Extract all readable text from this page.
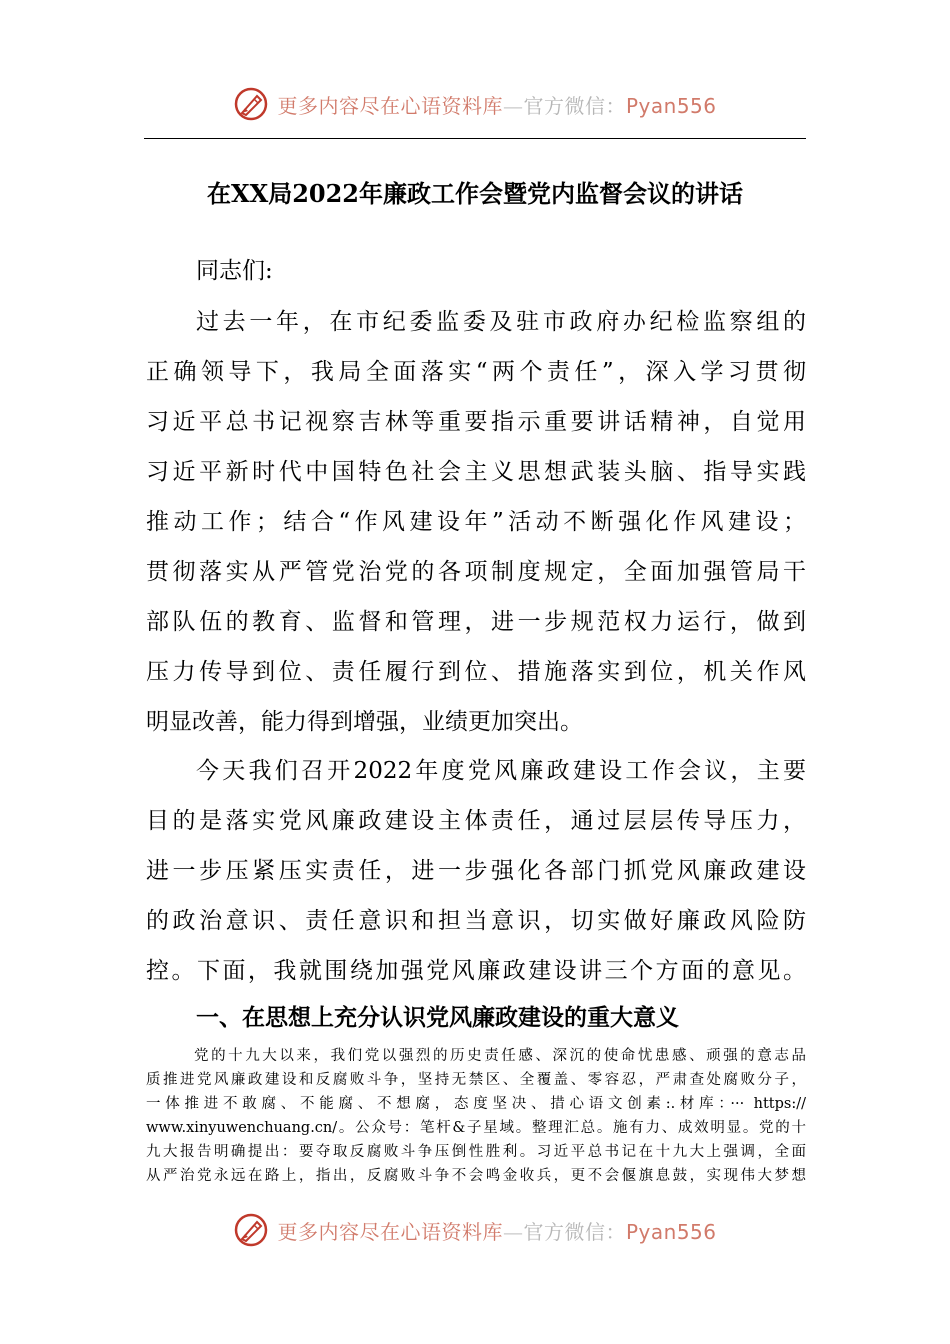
更多内容尽在心语资料库—官方微信：Pyan556
在XX局2022年廉政工作会暨党内监督会议的讲话
同志们:
过去一年，在市纪委监委及驻市政府办纪检监察组的
正确领导下，我局全面落实“两个责任”，深入学习贯彻
习近平总书记视察吉林等重要指示重要讲话精神，自觉用
习近平新时代中国特色社会主义思想武装头脑、指导实践
推动工作；结合“作风建设年”活动不断强化作风建设；
贯彻落实从严管党治党的各项制度规定，全面加强管局干
部队伍的教育、监督和管理，进一步规范权力运行，做到
压力传导到位、责任履行到位、措施落实到位，机关作风
明显改善，能力得到增强，业绩更加突出。
今天我们召开2022年度党风廉政建设工作会议，主要
目的是落实党风廉政建设主体责任，通过层层传导压力，
进一步压紧压实责任，进一步强化各部门抓党风廉政建设
的政治意识、责任意识和担当意识，切实做好廉政风险防
控。下面，我就围绕加强党风廉政建设讲三个方面的意见。
一、在思想上充分认识党风廉政建设的重大意义
党的十九大以来，我们党以强烈的历史责任感、深沉的使命忧患感、顽强的意志品
质推进党风廉政建设和反腐败斗争，坚持无禁区、全覆盖、零容忍，严肃查处腐败分子，
一体推进不敢腐、不能腐、不想腐，态度坚决、措心语文创素:.材库：··· https://
www.xinyuwenchuang.cn/。公众号：笔杆&子星域。整理汇总。施有力、成效明显。党的十
九大报告明确提出：要夺取反腐败斗争压倒性胜利。习近平总书记在十九大上强调，全面
从严治党永远在路上，指出，反腐败斗争不会鸣金收兵，更不会偃旗息鼓，实现伟大梦想
更多内容尽在心语资料库—官方微信：Pyan556
